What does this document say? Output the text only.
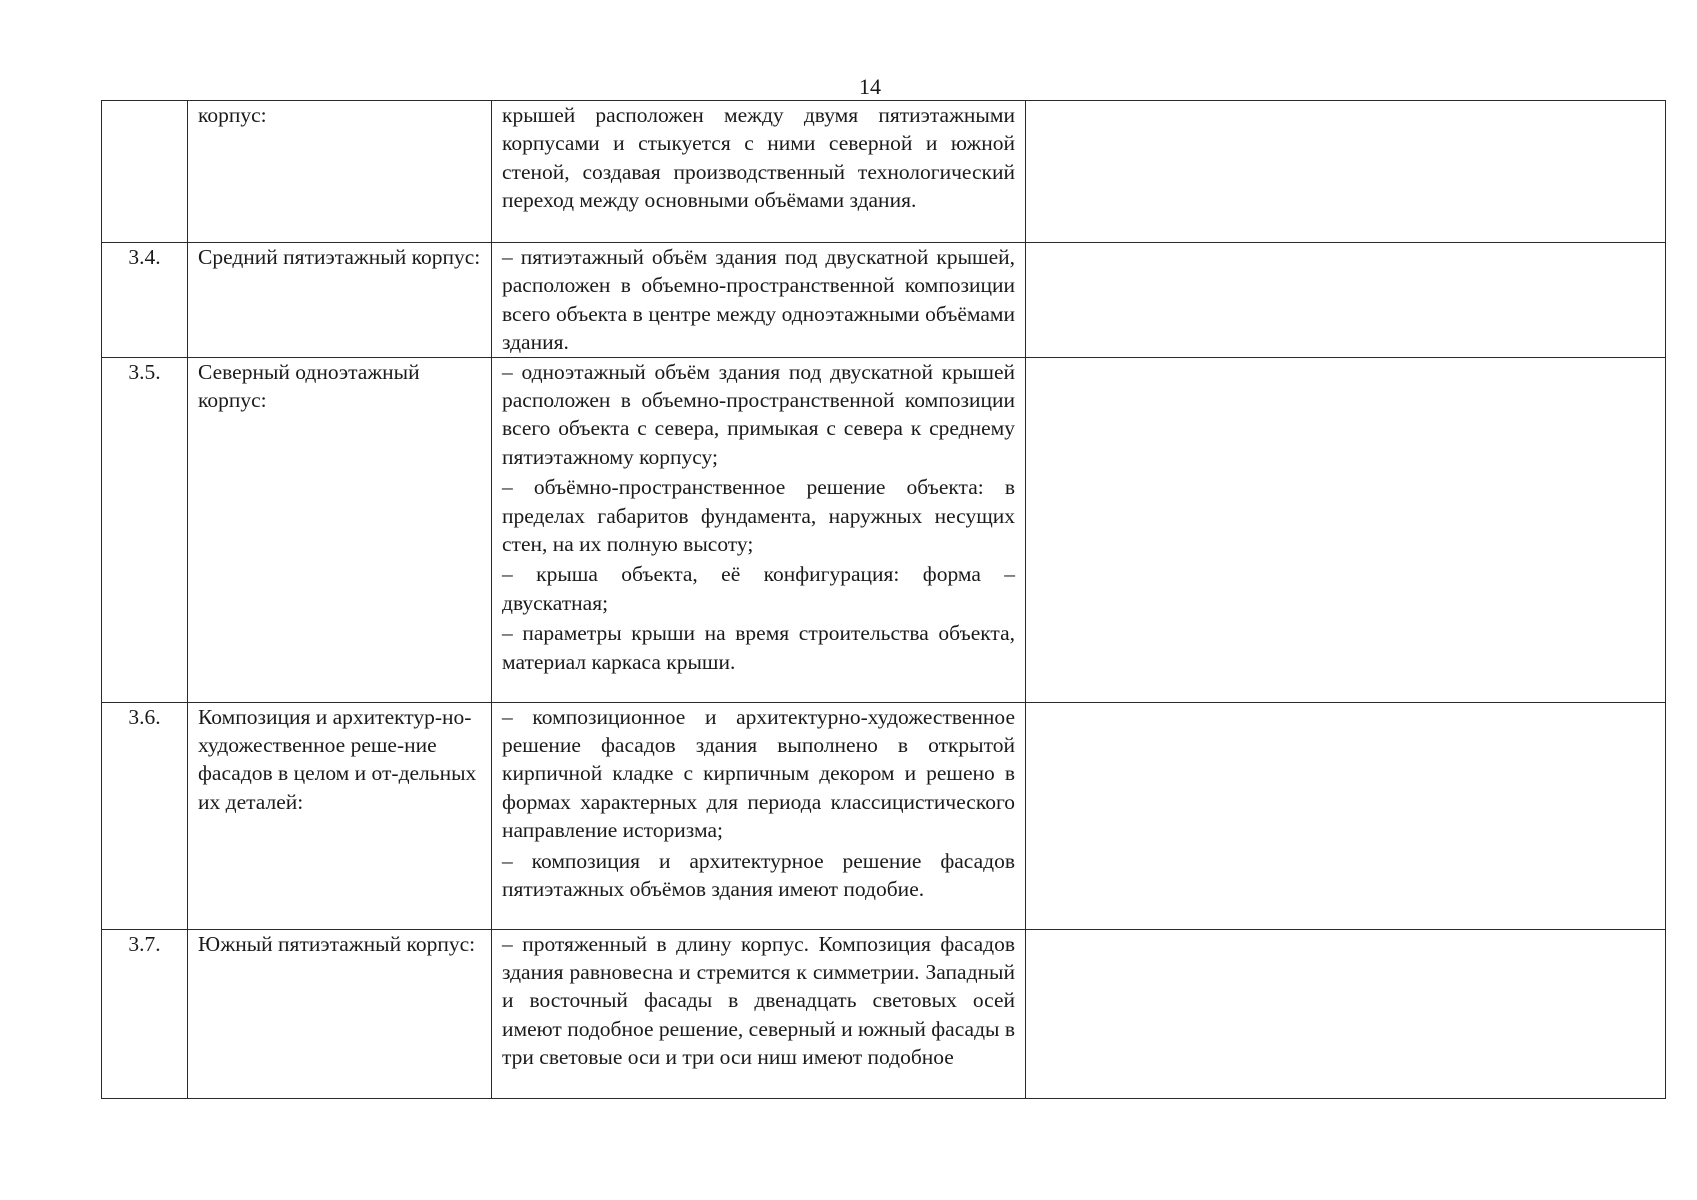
14
	корпус:	крышей расположен между двумя пятиэтажными корпусами и стыкуется с ними северной и южной стеной, создавая производственный технологический переход между основными объёмами здания.	

3.4.	Средний пятиэтажный корпус:	– пятиэтажный объём здания под двускатной крышей, расположен в объемно-пространственной композиции всего объекта в центре между одноэтажными объёмами здания.	

3.5.	Северный одноэтажный корпус:	– одноэтажный объём здания под двускатной крышей расположен в объемно-пространственной композиции всего объекта с севера, примыкая с севера к среднему пятиэтажному корпусу;
– объёмно-пространственное решение объекта: в пределах габаритов фундамента, наружных несущих стен, на их полную высоту;
– крыша объекта, её конфигурация: форма – двускатная;
– параметры крыши на время строительства объекта, материал каркаса крыши.	

3.6.	Композиция и архитектур-но-художественное реше-ние фасадов в целом и от-дельных их деталей:	– композиционное и архитектурно-художественное решение фасадов здания выполнено в открытой кирпичной кладке с кирпичным декором и решено в формах характерных для периода классицистического направление историзма;
– композиция и архитектурное решение фасадов пятиэтажных объёмов здания имеют подобие.	

3.7.	Южный пятиэтажный корпус:	– протяженный в длину корпус. Композиция фасадов здания равновесна и стремится к симметрии. Западный и восточный фасады в двенадцать световых осей имеют подобное решение, северный и южный фасады в три световые оси и три оси ниш имеют подобное	
